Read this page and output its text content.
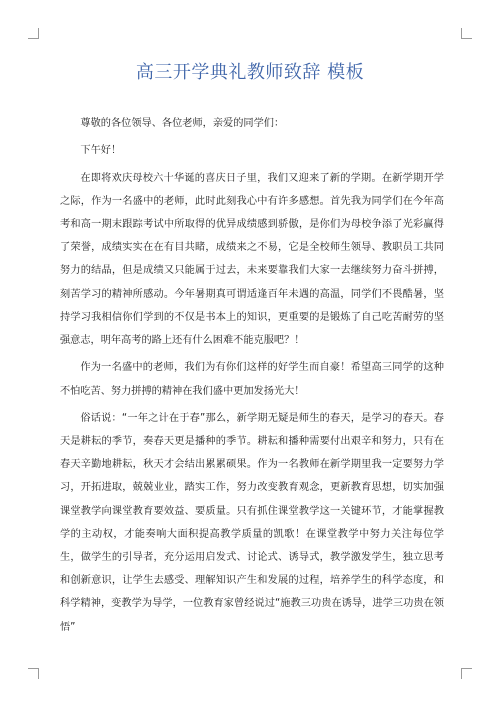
高三开学典礼教师致辞 模板

尊敬的各位领导、各位老师，亲爱的同学们：

下午好！

在即将欢庆母校六十华诞的喜庆日子里，我们又迎来了新的学期。在新学期开学之际，作为一名盛中的老师，此时此刻我心中有许多感想。首先我为同学们在今年高考和高一期末跟踪考试中所取得的优异成绩感到骄傲，是你们为母校争添了光彩赢得了荣誉，成绩实实在在有目共睹，成绩来之不易，它是全校师生领导、教职员工共同努力的结晶，但是成绩又只能属于过去，未来要靠我们大家一去继续努力奋斗拼搏，刻苦学习的精神所感动。今年暑期真可谓适逢百年未遇的高温，同学们不畏酷暑，坚持学习我相信你们学到的不仅是书本上的知识，更重要的是锻炼了自己吃苦耐劳的坚强意志，明年高考的路上还有什么困难不能克服吧？！

作为一名盛中的老师，我们为有你们这样的好学生而自豪！希望高三同学的这种不怕吃苦、努力拼搏的精神在我们盛中更加发扬光大！

俗话说：“一年之计在于春”那么，新学期无疑是师生的春天，是学习的春天。春天是耕耘的季节，奏春天更是播种的季节。耕耘和播种需要付出艰辛和努力，只有在春天辛勤地耕耘，秋天才会结出累累硕果。作为一名教师在新学期里我一定要努力学习，开拓进取，兢兢业业，踏实工作，努力改变教育观念，更新教育思想，切实加强课堂教学向课堂教育要效益、要质量。只有抓住课堂教学这一关键环节，才能掌握教学的主动权，才能奏响大面积提高教学质量的凯歌！在课堂教学中努力关注每位学生，做学生的引导者，充分运用启发式、讨论式、诱导式，教学激发学生，独立思考和创新意识，让学生去感受、理解知识产生和发展的过程，培养学生的科学态度，和科学精神，变教学为导学，一位教育家曾经说过“施教三功贵在诱导，进学三功贵在领悟”
